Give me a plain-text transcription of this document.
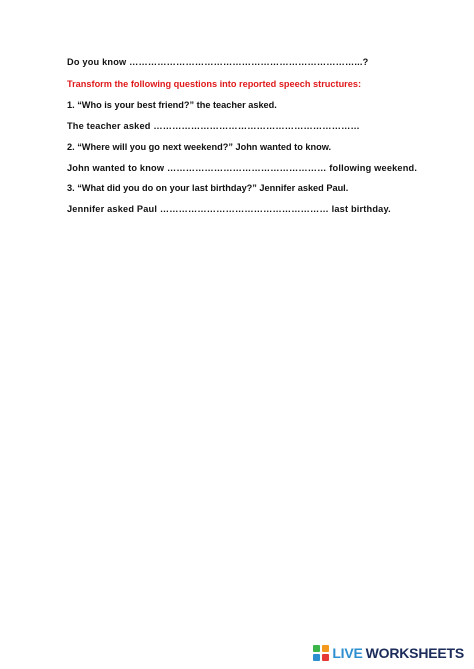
Do you know ………………………………………………………………...?
Transform the following questions into reported speech structures:
1. “Who is your best friend?” the teacher asked.
The teacher asked …………………………………………………………
2. “Where will you go next weekend?” John wanted to know.
John wanted to know …………………………………………… following weekend.
3. “What did you do on your last birthday?” Jennifer asked Paul.
Jennifer asked Paul ……………………………………………… last birthday.
LIVE WORKSHEETS
